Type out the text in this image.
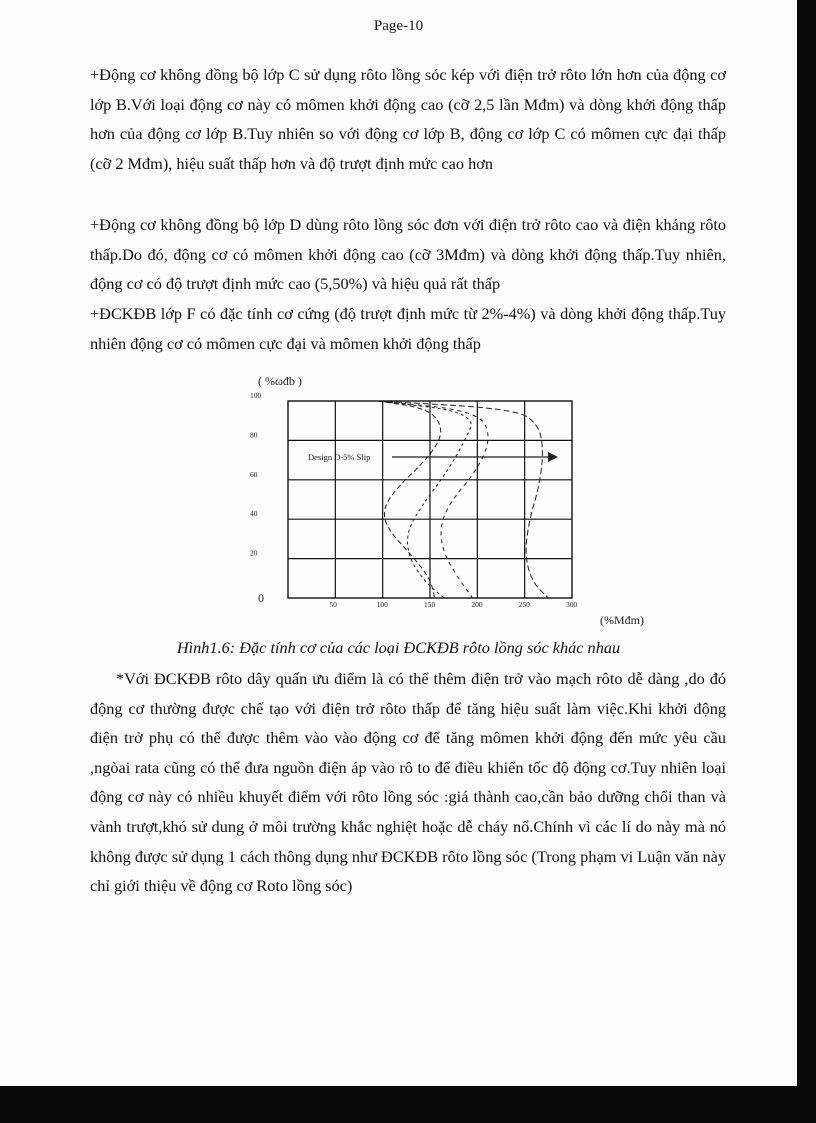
Page-10

+Động cơ không đồng bộ lớp C sử dụng rôto lồng sóc kép với điện trở rôto lớn hơn của động cơ lớp B.Với loại động cơ này có mômen khởi động cao (cỡ 2,5 lần Mđm) và dòng khởi động thấp hơn của động cơ lớp B.Tuy nhiên so với động cơ lớp B, động cơ lớp C có mômen cực đại thấp (cỡ 2 Mđm), hiệu suất thấp hơn và độ trượt định mức cao hơn

+Động cơ không đồng bộ lớp D dùng rôto lồng sóc đơn với điện trở rôto cao và điện kháng rôto thấp.Do đó, động cơ có mômen khởi động cao (cỡ 3Mđm) và dòng khởi động thấp.Tuy nhiên, động cơ có độ trượt định mức cao (5,50%) và hiệu quả rất thấp

+ĐCKĐB lớp F có đặc tính cơ cứng (độ trượt định mức từ 2%-4%) và dòng khởi động thấp.Tuy nhiên động cơ có mômen cực đại và mômen khởi động thấp

( %ωđb )
(%Mđm)
100
80
60
40
20
0	50	100	150	200	250	300
Design D-5% Slip
Hình1.6: Đặc tính cơ của các loại ĐCKĐB rôto lồng sóc khác nhau

*Với ĐCKĐB rôto dây quấn ưu điểm là có thể thêm điện trở vào mạch rôto dễ dàng ,do đó động cơ thường được chế tạo với điện trở rôto thấp để tăng hiệu suất làm việc.Khi khởi động điện trở phụ có thể được thêm vào vào động cơ để tăng mômen khởi động đến mức yêu cầu ,ngòai rata cũng có thể đưa nguồn điện áp vào rô to để điều khiển tốc độ động cơ.Tuy nhiên loại động cơ này có nhiều khuyết điểm với rôto lồng sóc :giá thành cao,cần bảo dưỡng chổi than và vành trượt,khó sử dung ở môi trường khắc nghiệt hoặc dễ cháy nổ.Chính vì các lí do này mà nó không được sử dụng 1 cách thông dụng như ĐCKĐB rôto lồng sóc (Trong phạm vi Luận văn này chỉ giới thiệu về động cơ Roto lồng sóc)
